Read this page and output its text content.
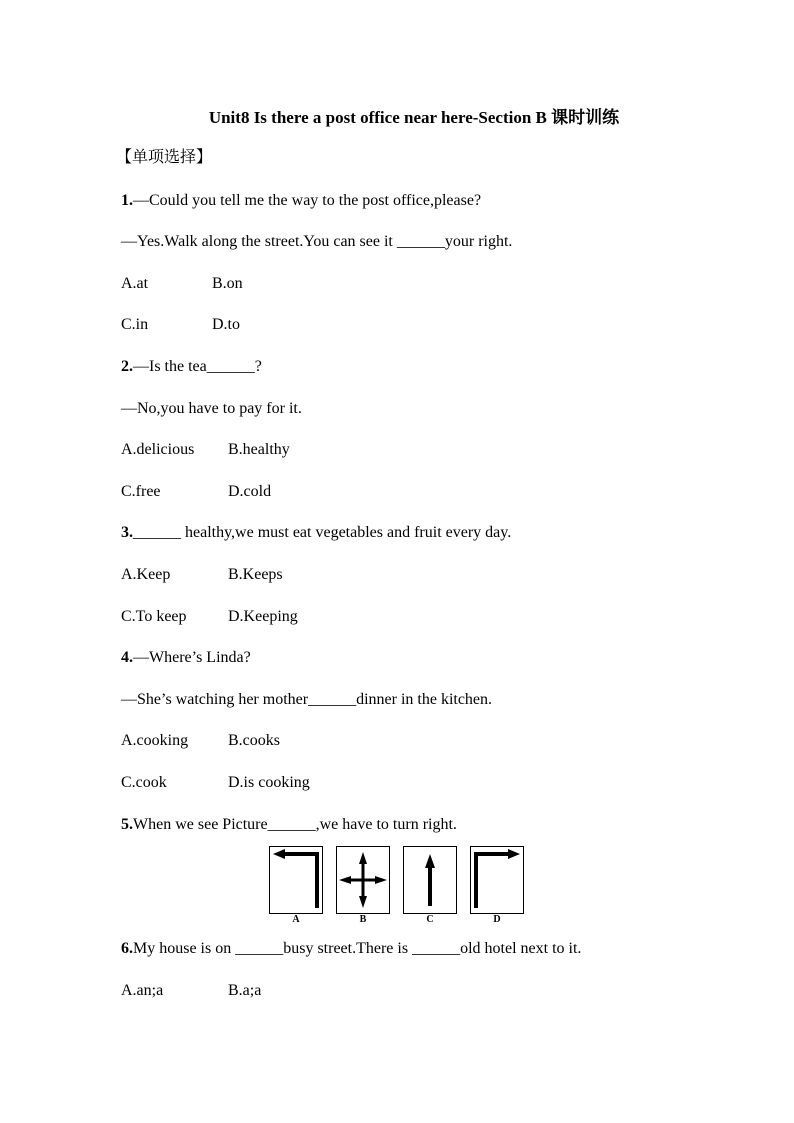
Unit8 Is there a post office near here-Section B 课时训练
【单项选择】
1.—Could you tell me the way to the post office,please?
—Yes.Walk along the street.You can see it ______your right.
A.at	B.on
C.in	D.to
2.—Is the tea______?
—No,you have to pay for it.
A.delicious B.healthy
C.free	D.cold
3.______ healthy,we must eat vegetables and fruit every day.
A.Keep	B.Keeps
C.To keep	D.Keeping
4.—Where’s Linda?
—She’s watching her mother______dinner in the kitchen.
A.cooking B.cooks
C.cook	D.is cooking
5.When we see Picture______,we have to turn right.
A	B	C	D
6.My house is on ______busy street.There is ______old hotel next to it.
A.an;a	B.a;a
